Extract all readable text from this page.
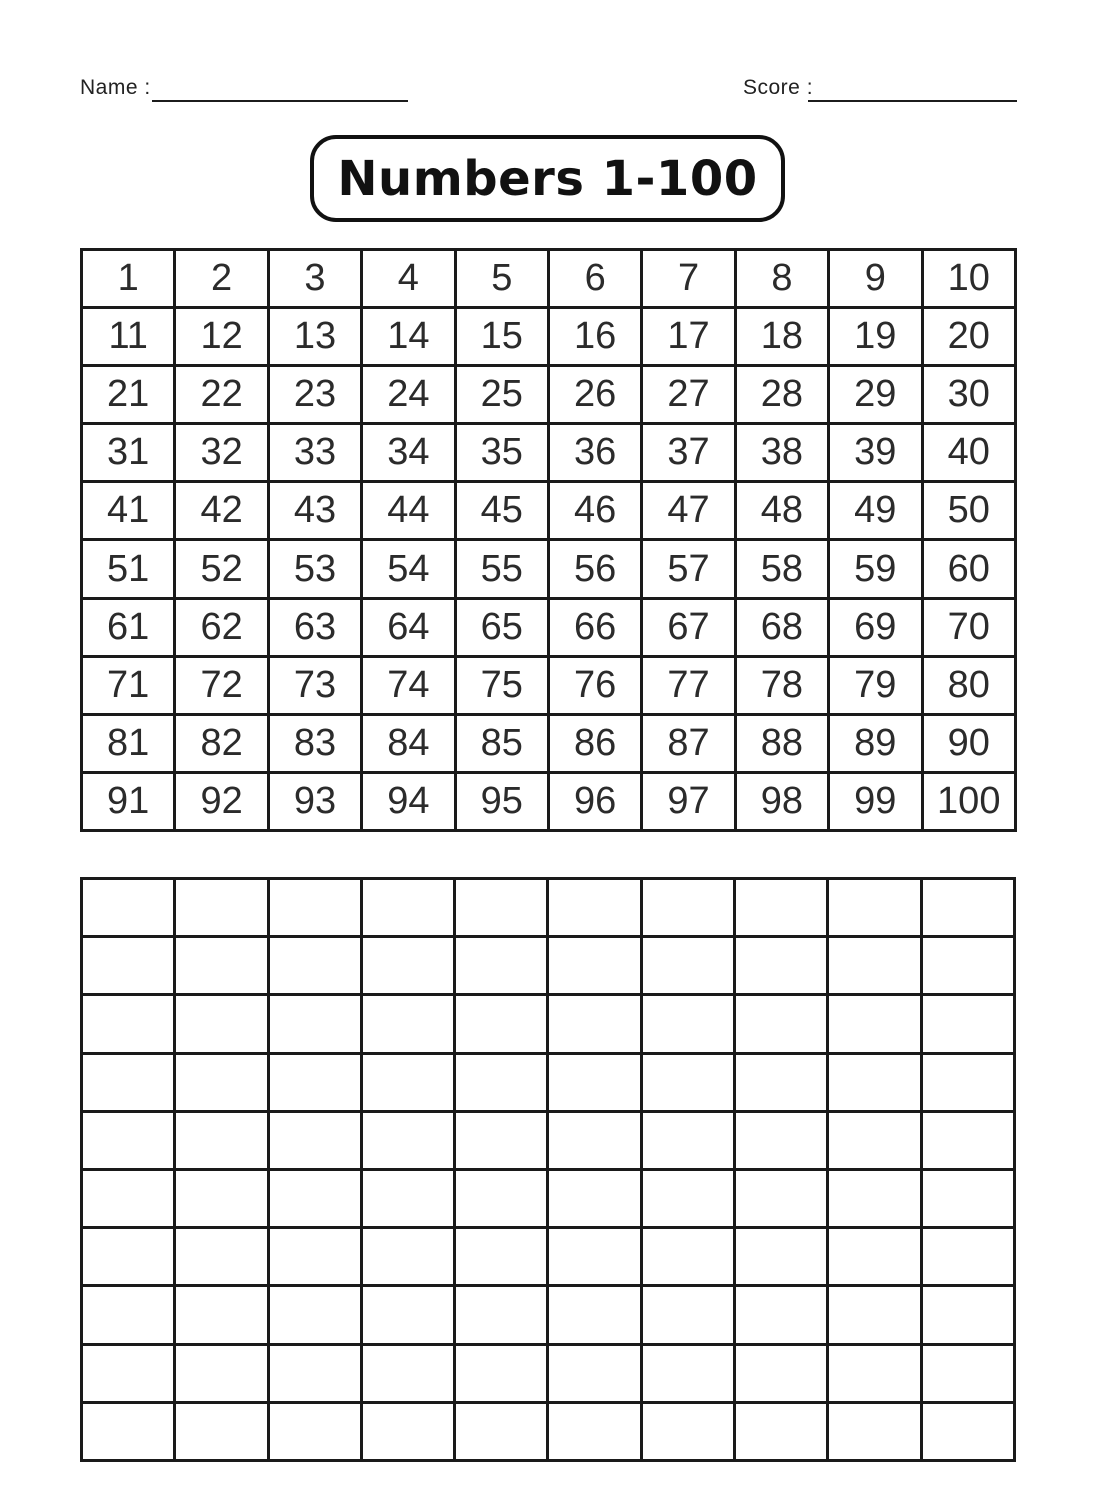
Name :	Score :
Numbers 1-100
1	2	3	4	5	6	7	8	9	10
11	12	13	14	15	16	17	18	19	20
21	22	23	24	25	26	27	28	29	30
31	32	33	34	35	36	37	38	39	40
41	42	43	44	45	46	47	48	49	50
51	52	53	54	55	56	57	58	59	60
61	62	63	64	65	66	67	68	69	70
71	72	73	74	75	76	77	78	79	80
81	82	83	84	85	86	87	88	89	90
91	92	93	94	95	96	97	98	99	100
